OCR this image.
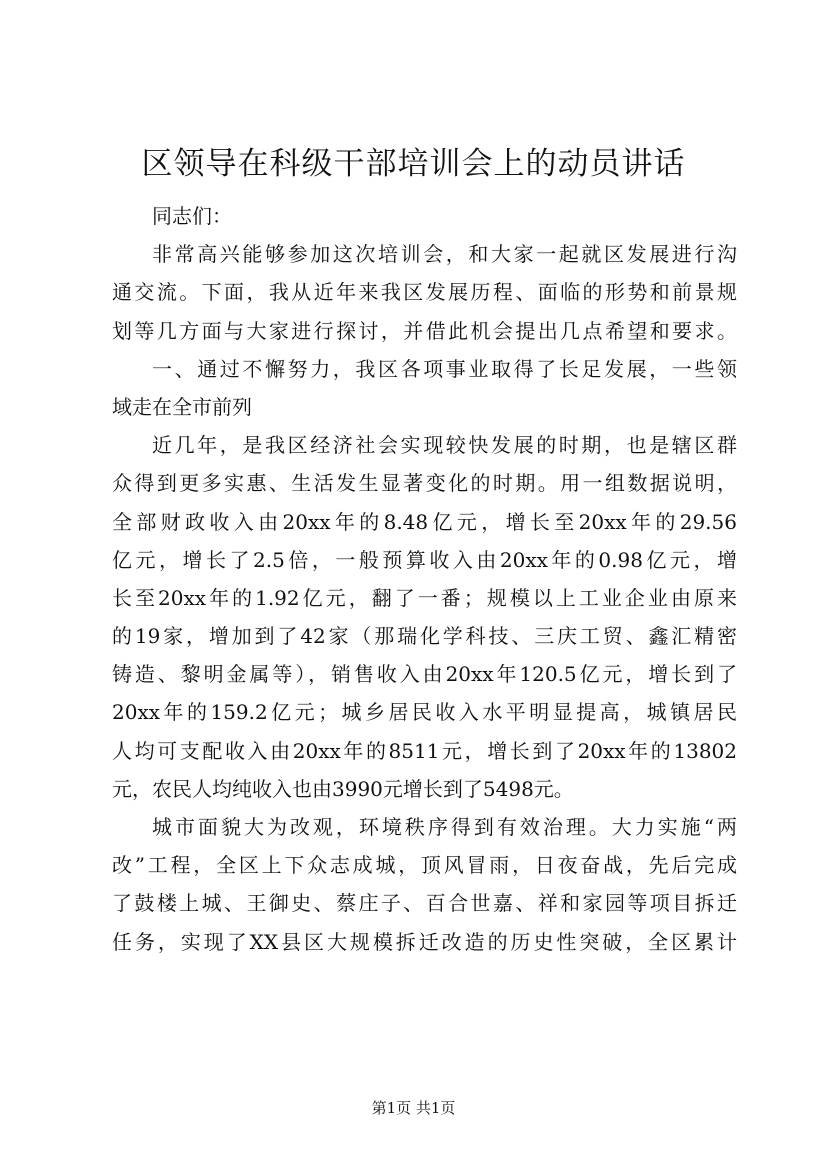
区领导在科级干部培训会上的动员讲话
同志们：
非常高兴能够参加这次培训会，和大家一起就区发展进行沟
通交流。下面，我从近年来我区发展历程、面临的形势和前景规
划等几方面与大家进行探讨，并借此机会提出几点希望和要求。
一、通过不懈努力，我区各项事业取得了长足发展，一些领
域走在全市前列
近几年，是我区经济社会实现较快发展的时期，也是辖区群
众得到更多实惠、生活发生显著变化的时期。用一组数据说明，
全部财政收入由20xx年的8.48亿元，增长至20xx年的29.56
亿元，增长了2.5倍，一般预算收入由20xx年的0.98亿元，增
长至20xx年的1.92亿元，翻了一番；规模以上工业企业由原来
的19家，增加到了42家（那瑞化学科技、三庆工贸、鑫汇精密
铸造、黎明金属等），销售收入由20xx年120.5亿元，增长到了
20xx年的159.2亿元；城乡居民收入水平明显提高，城镇居民
人均可支配收入由20xx年的8511元，增长到了20xx年的13802
元，农民人均纯收入也由3990元增长到了5498元。
城市面貌大为改观，环境秩序得到有效治理。大力实施“两
改”工程，全区上下众志成城，顶风冒雨，日夜奋战，先后完成
了鼓楼上城、王御史、蔡庄子、百合世嘉、祥和家园等项目拆迁
任务，实现了XX县区大规模拆迁改造的历史性突破，全区累计
第1页 共1页
